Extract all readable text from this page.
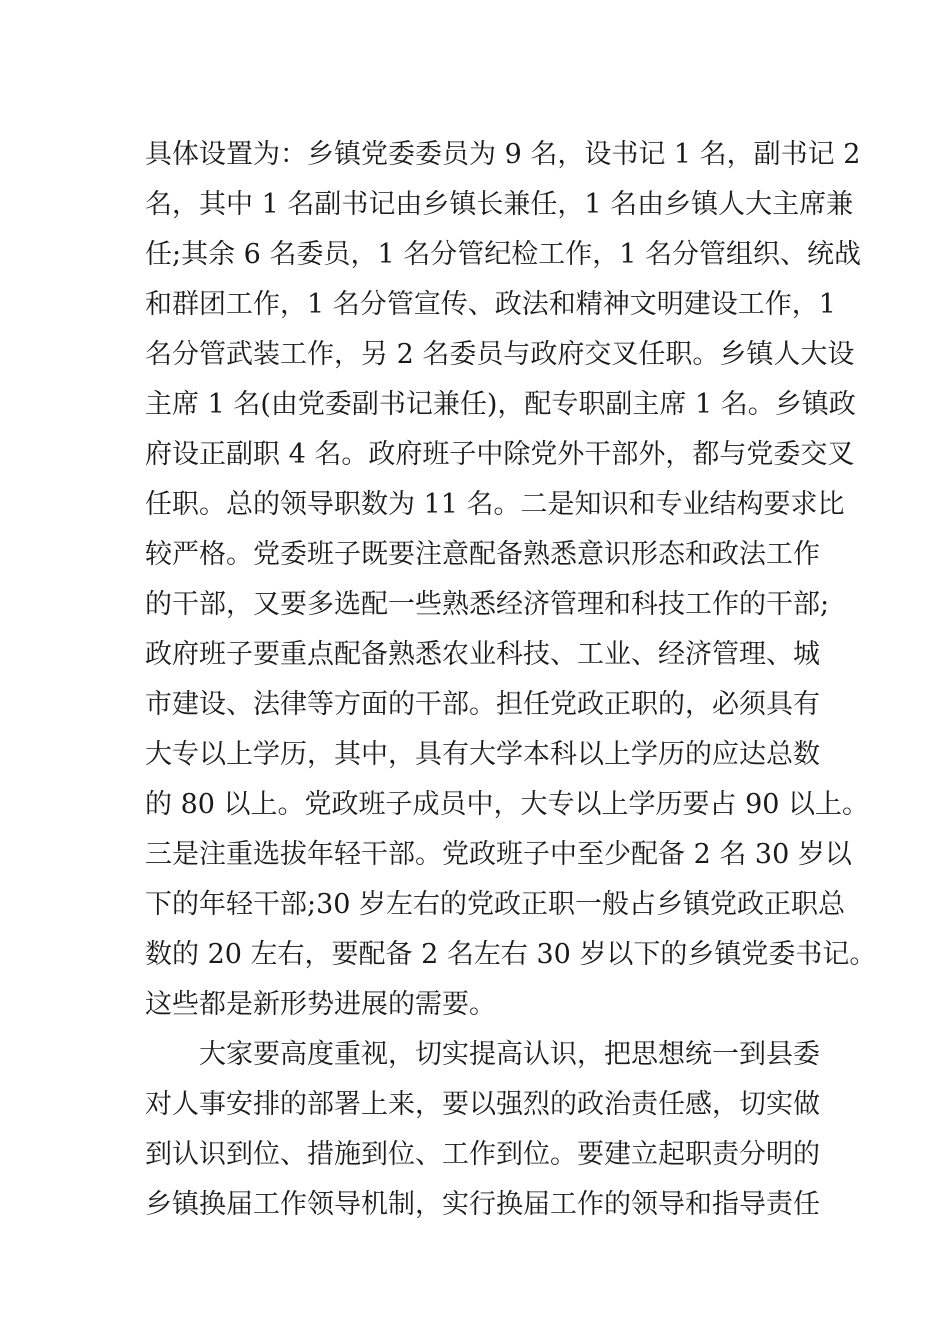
具体设置为：乡镇党委委员为 9 名，设书记 1 名，副书记 2
名，其中 1 名副书记由乡镇长兼任，1 名由乡镇人大主席兼
任;其余 6 名委员，1 名分管纪检工作，1 名分管组织、统战
和群团工作，1 名分管宣传、政法和精神文明建设工作，1
名分管武装工作，另 2 名委员与政府交叉任职。乡镇人大设
主席 1 名(由党委副书记兼任)，配专职副主席 1 名。乡镇政
府设正副职 4 名。政府班子中除党外干部外，都与党委交叉
任职。总的领导职数为 11 名。二是知识和专业结构要求比
较严格。党委班子既要注意配备熟悉意识形态和政法工作
的干部，又要多选配一些熟悉经济管理和科技工作的干部;
政府班子要重点配备熟悉农业科技、工业、经济管理、城
市建设、法律等方面的干部。担任党政正职的，必须具有
大专以上学历，其中，具有大学本科以上学历的应达总数
的 80 以上。党政班子成员中，大专以上学历要占 90 以上。
三是注重选拔年轻干部。党政班子中至少配备 2 名 30 岁以
下的年轻干部;30 岁左右的党政正职一般占乡镇党政正职总
数的 20 左右，要配备 2 名左右 30 岁以下的乡镇党委书记。
这些都是新形势进展的需要。
大家要高度重视，切实提高认识，把思想统一到县委
对人事安排的部署上来，要以强烈的政治责任感，切实做
到认识到位、措施到位、工作到位。要建立起职责分明的
乡镇换届工作领导机制，实行换届工作的领导和指导责任
